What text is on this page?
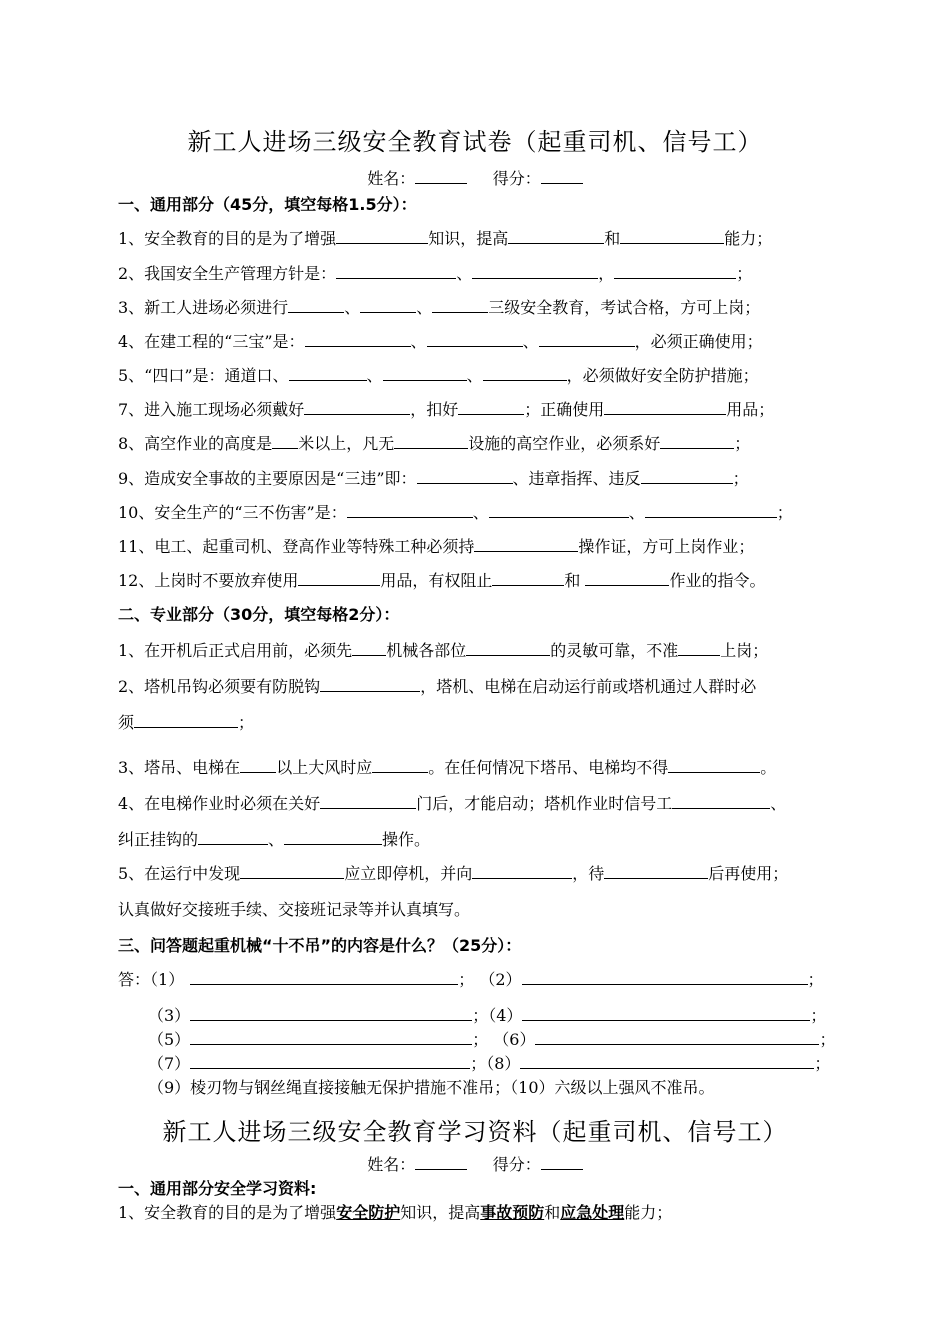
新工人进场三级安全教育试卷（起重司机、信号工）
姓名：	得分：
一、通用部分（45分，填空每格1.5分）：
1、安全教育的目的是为了增强	知识，提高	和	能力；
2、我国安全生产管理方针是：	、	，	；
3、新工人进场必须进行	、	、	三级安全教育，考试合格，方可上岗；
4、在建工程的“三宝”是：	、	、	，必须正确使用；
5、“四口”是：通道口、	、	、	，必须做好安全防护措施；
7、进入施工现场必须戴好	，扣好	；正确使用	用品；
8、高空作业的高度是 米以上，凡无	设施的高空作业，必须系好	；
9、造成安全事故的主要原因是“三违”即：	、违章指挥、违反	；
10、安全生产的“三不伤害”是：	、	、	；
11、电工、起重司机、登高作业等特殊工种必须持	操作证，方可上岗作业；
12、上岗时不要放弃使用	用品，有权阻止	和	作业的指令。
二、专业部分（30分，填空每格2分）：
1、在开机后正式启用前，必须先 机械各部位	的灵敏可靠，不准	上岗；
2、塔机吊钩必须要有防脱钩	，塔机、电梯在启动运行前或塔机通过人群时必
须	；
3、塔吊、电梯在 以上大风时应	。在任何情况下塔吊、电梯均不得	。
4、在电梯作业时必须在关好	门后，才能启动；塔机作业时信号工	、
纠正挂钩的	、	操作。
5、在运行中发现	应立即停机，并向	，待	后再使用；
认真做好交接班手续、交接班记录等并认真填写。
三、问答题起重机械“十不吊”的内容是什么？（25分）：
答：（1）	； （2）	；
（3）	；（4）	；
（5）	； （6）	；
（7）	；（8）	；
（9）棱刃物与钢丝绳直接接触无保护措施不准吊；（10）六级以上强风不准吊。
新工人进场三级安全教育学习资料（起重司机、信号工）
姓名：	得分：
一、通用部分安全学习资料:
1、安全教育的目的是为了增强安全防护知识，提高事故预防和应急处理能力；
